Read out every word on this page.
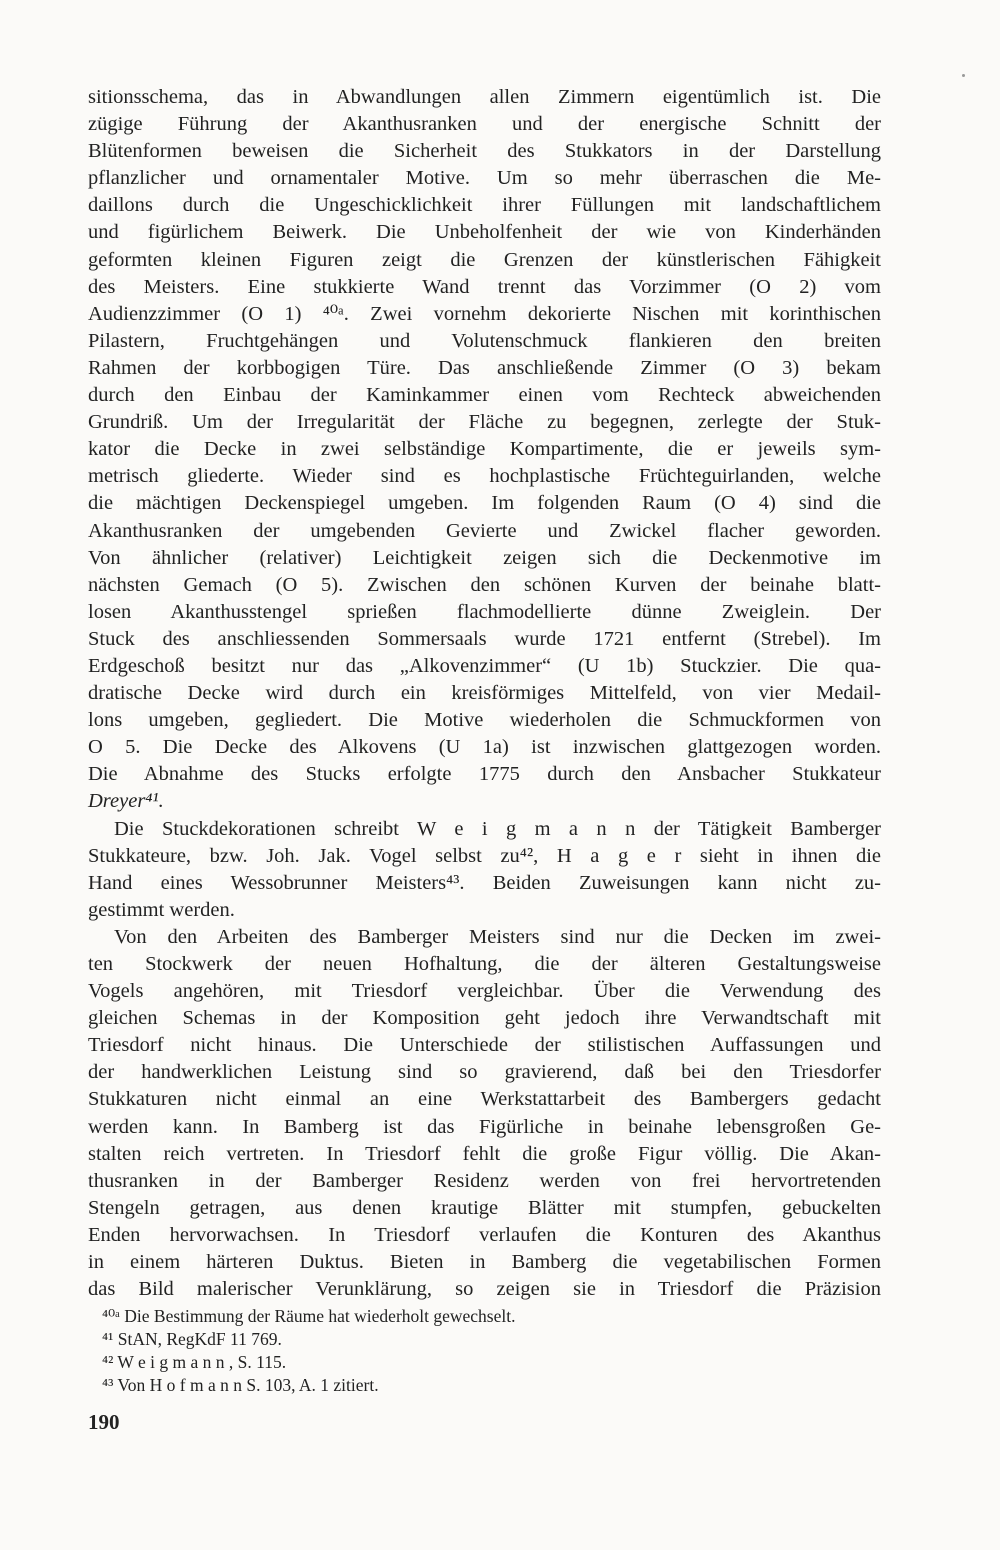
sitionsschema, das in Abwandlungen allen Zimmern eigentümlich ist. Die
zügige Führung der Akanthusranken und der energische Schnitt der
Blütenformen beweisen die Sicherheit des Stukkators in der Darstellung
pflanzlicher und ornamentaler Motive. Um so mehr überraschen die Me-
daillons durch die Ungeschicklichkeit ihrer Füllungen mit landschaftlichem
und figürlichem Beiwerk. Die Unbeholfenheit der wie von Kinderhänden
geformten kleinen Figuren zeigt die Grenzen der künstlerischen Fähigkeit
des Meisters. Eine stukkierte Wand trennt das Vorzimmer (O 2) vom
Audienzzimmer (O 1) ⁴⁰ᵃ. Zwei vornehm dekorierte Nischen mit korinthischen
Pilastern, Fruchtgehängen und Volutenschmuck flankieren den breiten
Rahmen der korbbogigen Türe. Das anschließende Zimmer (O 3) bekam
durch den Einbau der Kaminkammer einen vom Rechteck abweichenden
Grundriß. Um der Irregularität der Fläche zu begegnen, zerlegte der Stuk-
kator die Decke in zwei selbständige Kompartimente, die er jeweils sym-
metrisch gliederte. Wieder sind es hochplastische Früchteguirlanden, welche
die mächtigen Deckenspiegel umgeben. Im folgenden Raum (O 4) sind die
Akanthusranken der umgebenden Gevierte und Zwickel flacher geworden.
Von ähnlicher (relativer) Leichtigkeit zeigen sich die Deckenmotive im
nächsten Gemach (O 5). Zwischen den schönen Kurven der beinahe blatt-
losen Akanthusstengel sprießen flachmodellierte dünne Zweiglein. Der
Stuck des anschliessenden Sommersaals wurde 1721 entfernt (Strebel). Im
Erdgeschoß besitzt nur das „Alkovenzimmer“ (U 1b) Stuckzier. Die qua-
dratische Decke wird durch ein kreisförmiges Mittelfeld, von vier Medail-
lons umgeben, gegliedert. Die Motive wiederholen die Schmuckformen von
O 5. Die Decke des Alkovens (U 1a) ist inzwischen glattgezogen worden.
Die Abnahme des Stucks erfolgte 1775 durch den Ansbacher Stukkateur
Dreyer⁴¹.
Die Stuckdekorationen schreibt W e i g m a n n der Tätigkeit Bamberger
Stukkateure, bzw. Joh. Jak. Vogel selbst zu⁴², H a g e r sieht in ihnen die
Hand eines Wessobrunner Meisters⁴³. Beiden Zuweisungen kann nicht zu-
gestimmt werden.
Von den Arbeiten des Bamberger Meisters sind nur die Decken im zwei-
ten Stockwerk der neuen Hofhaltung, die der älteren Gestaltungsweise
Vogels angehören, mit Triesdorf vergleichbar. Über die Verwendung des
gleichen Schemas in der Komposition geht jedoch ihre Verwandtschaft mit
Triesdorf nicht hinaus. Die Unterschiede der stilistischen Auffassungen und
der handwerklichen Leistung sind so gravierend, daß bei den Triesdorfer
Stukkaturen nicht einmal an eine Werkstattarbeit des Bambergers gedacht
werden kann. In Bamberg ist das Figürliche in beinahe lebensgroßen Ge-
stalten reich vertreten. In Triesdorf fehlt die große Figur völlig. Die Akan-
thusranken in der Bamberger Residenz werden von frei hervortretenden
Stengeln getragen, aus denen krautige Blätter mit stumpfen, gebuckelten
Enden hervorwachsen. In Triesdorf verlaufen die Konturen des Akanthus
in einem härteren Duktus. Bieten in Bamberg die vegetabilischen Formen
das Bild malerischer Verunklärung, so zeigen sie in Triesdorf die Präzision
⁴⁰ᵃ Die Bestimmung der Räume hat wiederholt gewechselt.
⁴¹ StAN, RegKdF 11 769.
⁴² W e i g m a n n , S. 115.
⁴³ Von H o f m a n n S. 103, A. 1 zitiert.
190
